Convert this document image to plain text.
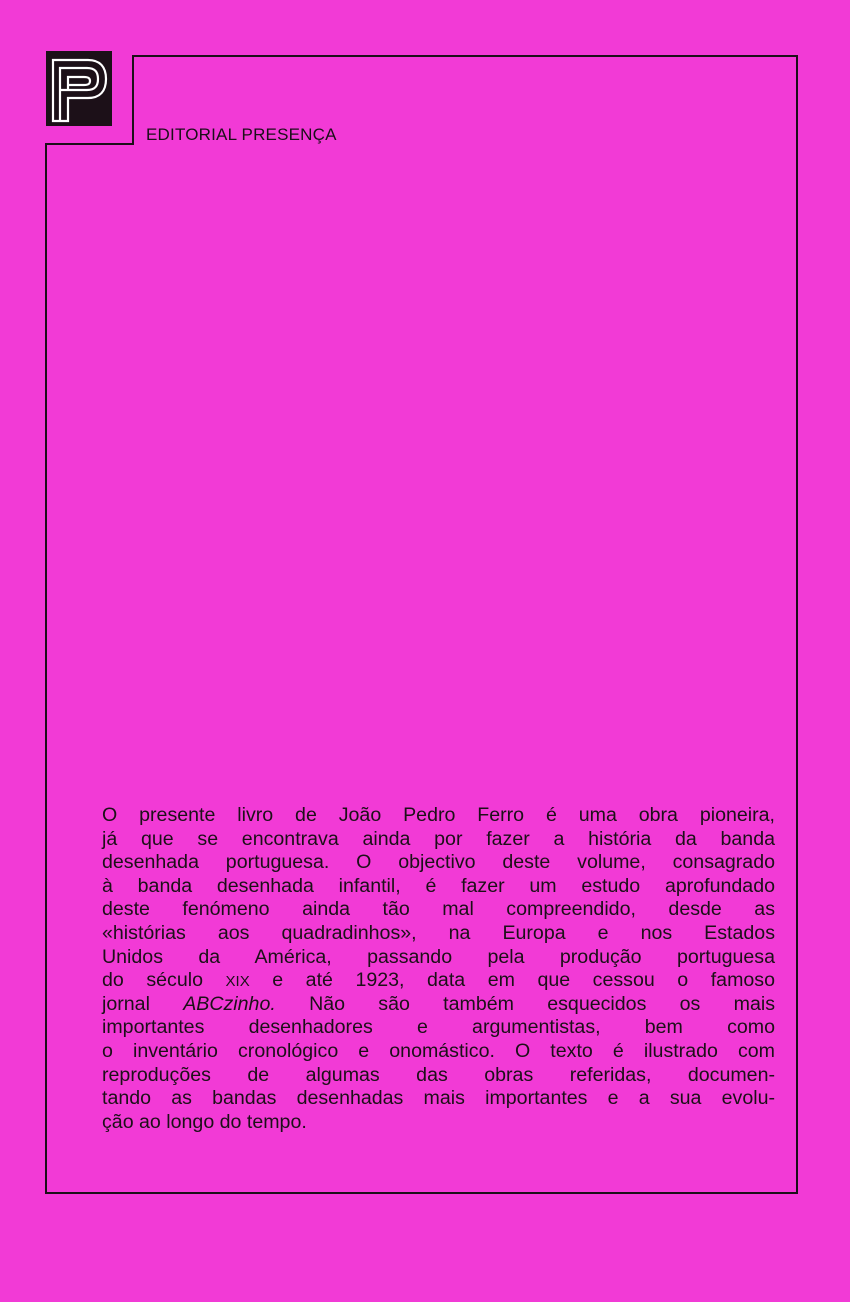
EDITORIAL PRESENÇA
O presente livro de João Pedro Ferro é uma obra pioneira,
já que se encontrava ainda por fazer a história da banda
desenhada portuguesa. O objectivo deste volume, consagrado
à banda desenhada infantil, é fazer um estudo aprofundado
deste fenómeno ainda tão mal compreendido, desde as
«histórias aos quadradinhos», na Europa e nos Estados
Unidos da América, passando pela produção portuguesa
do século XIX e até 1923, data em que cessou o famoso
jornal ABCzinho. Não são também esquecidos os mais
importantes desenhadores e argumentistas, bem como
o inventário cronológico e onomástico. O texto é ilustrado com
reproduções de algumas das obras referidas, documen-
tando as bandas desenhadas mais importantes e a sua evolu-
ção ao longo do tempo.
